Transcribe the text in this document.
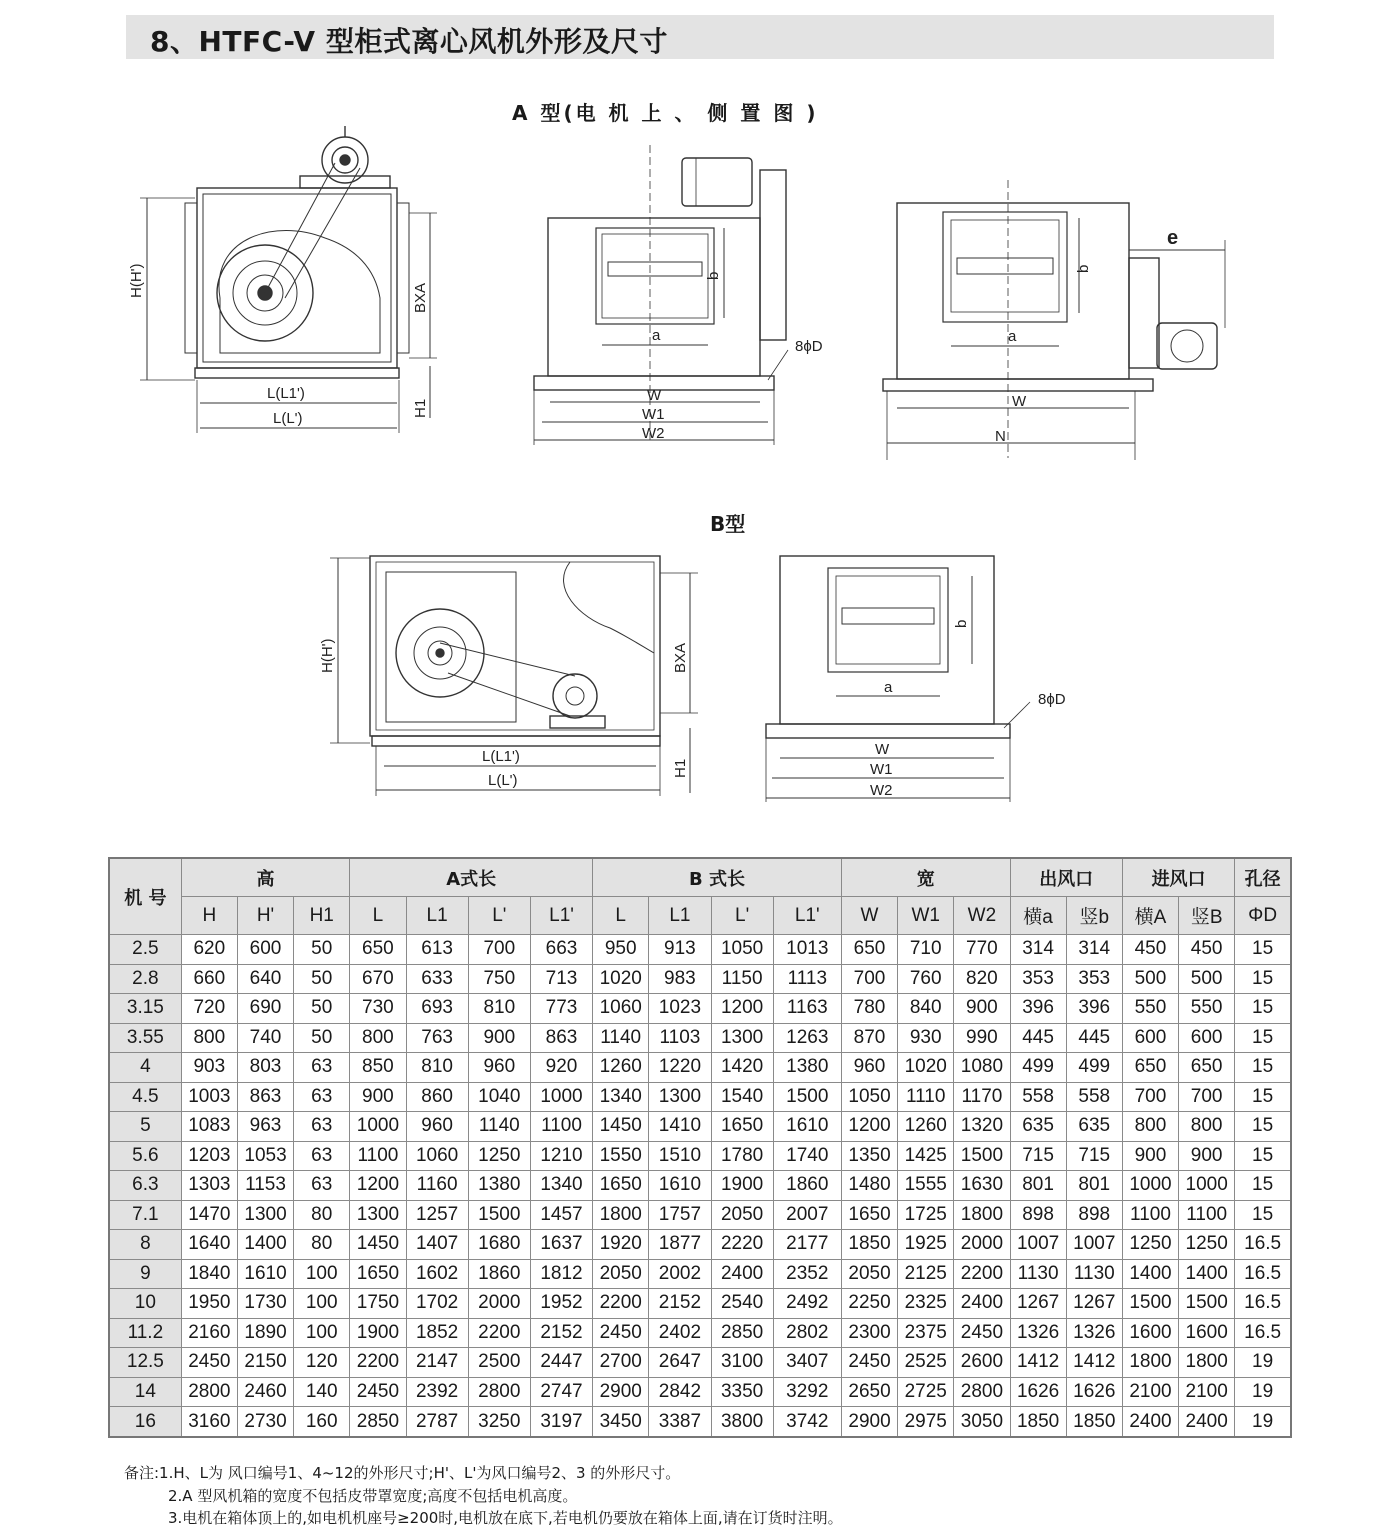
8、HTFC-V 型柜式离心风机外形及尺寸
A 型(电 机 上 、 侧 置 图 )
H(H')	BXA
L(L1')
L(L')
H1
b
a
W
W1
W2
8ϕD
b
a
e
W
N
B型
H(H')	BXA
L(L1')
L(L')
H1
b
a
W
W1
W2
8ϕD
机 号	高			A式长				B 式长				宽			出风口		进风口		孔径
	H	H'	H1	L	L1	L'	L1'	L	L1	L'	L1'	W	W1	W2	横a	竖b	横A	竖B	ΦD
2.5	620	600	50	650	613	700	663	950	913	1050	1013	650	710	770	314	314	450	450	15
2.8	660	640	50	670	633	750	713	1020	983	1150	1113	700	760	820	353	353	500	500	15
3.15	720	690	50	730	693	810	773	1060	1023	1200	1163	780	840	900	396	396	550	550	15
3.55	800	740	50	800	763	900	863	1140	1103	1300	1263	870	930	990	445	445	600	600	15
4	903	803	63	850	810	960	920	1260	1220	1420	1380	960	1020	1080	499	499	650	650	15
4.5	1003	863	63	900	860	1040	1000	1340	1300	1540	1500	1050	1110	1170	558	558	700	700	15
5	1083	963	63	1000	960	1140	1100	1450	1410	1650	1610	1200	1260	1320	635	635	800	800	15
5.6	1203	1053	63	1100	1060	1250	1210	1550	1510	1780	1740	1350	1425	1500	715	715	900	900	15
6.3	1303	1153	63	1200	1160	1380	1340	1650	1610	1900	1860	1480	1555	1630	801	801	1000	1000	15
7.1	1470	1300	80	1300	1257	1500	1457	1800	1757	2050	2007	1650	1725	1800	898	898	1100	1100	15
8	1640	1400	80	1450	1407	1680	1637	1920	1877	2220	2177	1850	1925	2000	1007	1007	1250	1250	16.5
9	1840	1610	100	1650	1602	1860	1812	2050	2002	2400	2352	2050	2125	2200	1130	1130	1400	1400	16.5
10	1950	1730	100	1750	1702	2000	1952	2200	2152	2540	2492	2250	2325	2400	1267	1267	1500	1500	16.5
11.2	2160	1890	100	1900	1852	2200	2152	2450	2402	2850	2802	2300	2375	2450	1326	1326	1600	1600	16.5
12.5	2450	2150	120	2200	2147	2500	2447	2700	2647	3100	3407	2450	2525	2600	1412	1412	1800	1800	19
14	2800	2460	140	2450	2392	2800	2747	2900	2842	3350	3292	2650	2725	2800	1626	1626	2100	2100	19
16	3160	2730	160	2850	2787	3250	3197	3450	3387	3800	3742	2900	2975	3050	1850	1850	2400	2400	19
备注:1.H、L为 风口编号1、4~12的外形尺寸;H'、L'为风口编号2、3 的外形尺寸。
2.A 型风机箱的宽度不包括皮带罩宽度;高度不包括电机高度。
3.电机在箱体顶上的,如电机机座号≥200时,电机放在底下,若电机仍要放在箱体上面,请在订货时注明。
